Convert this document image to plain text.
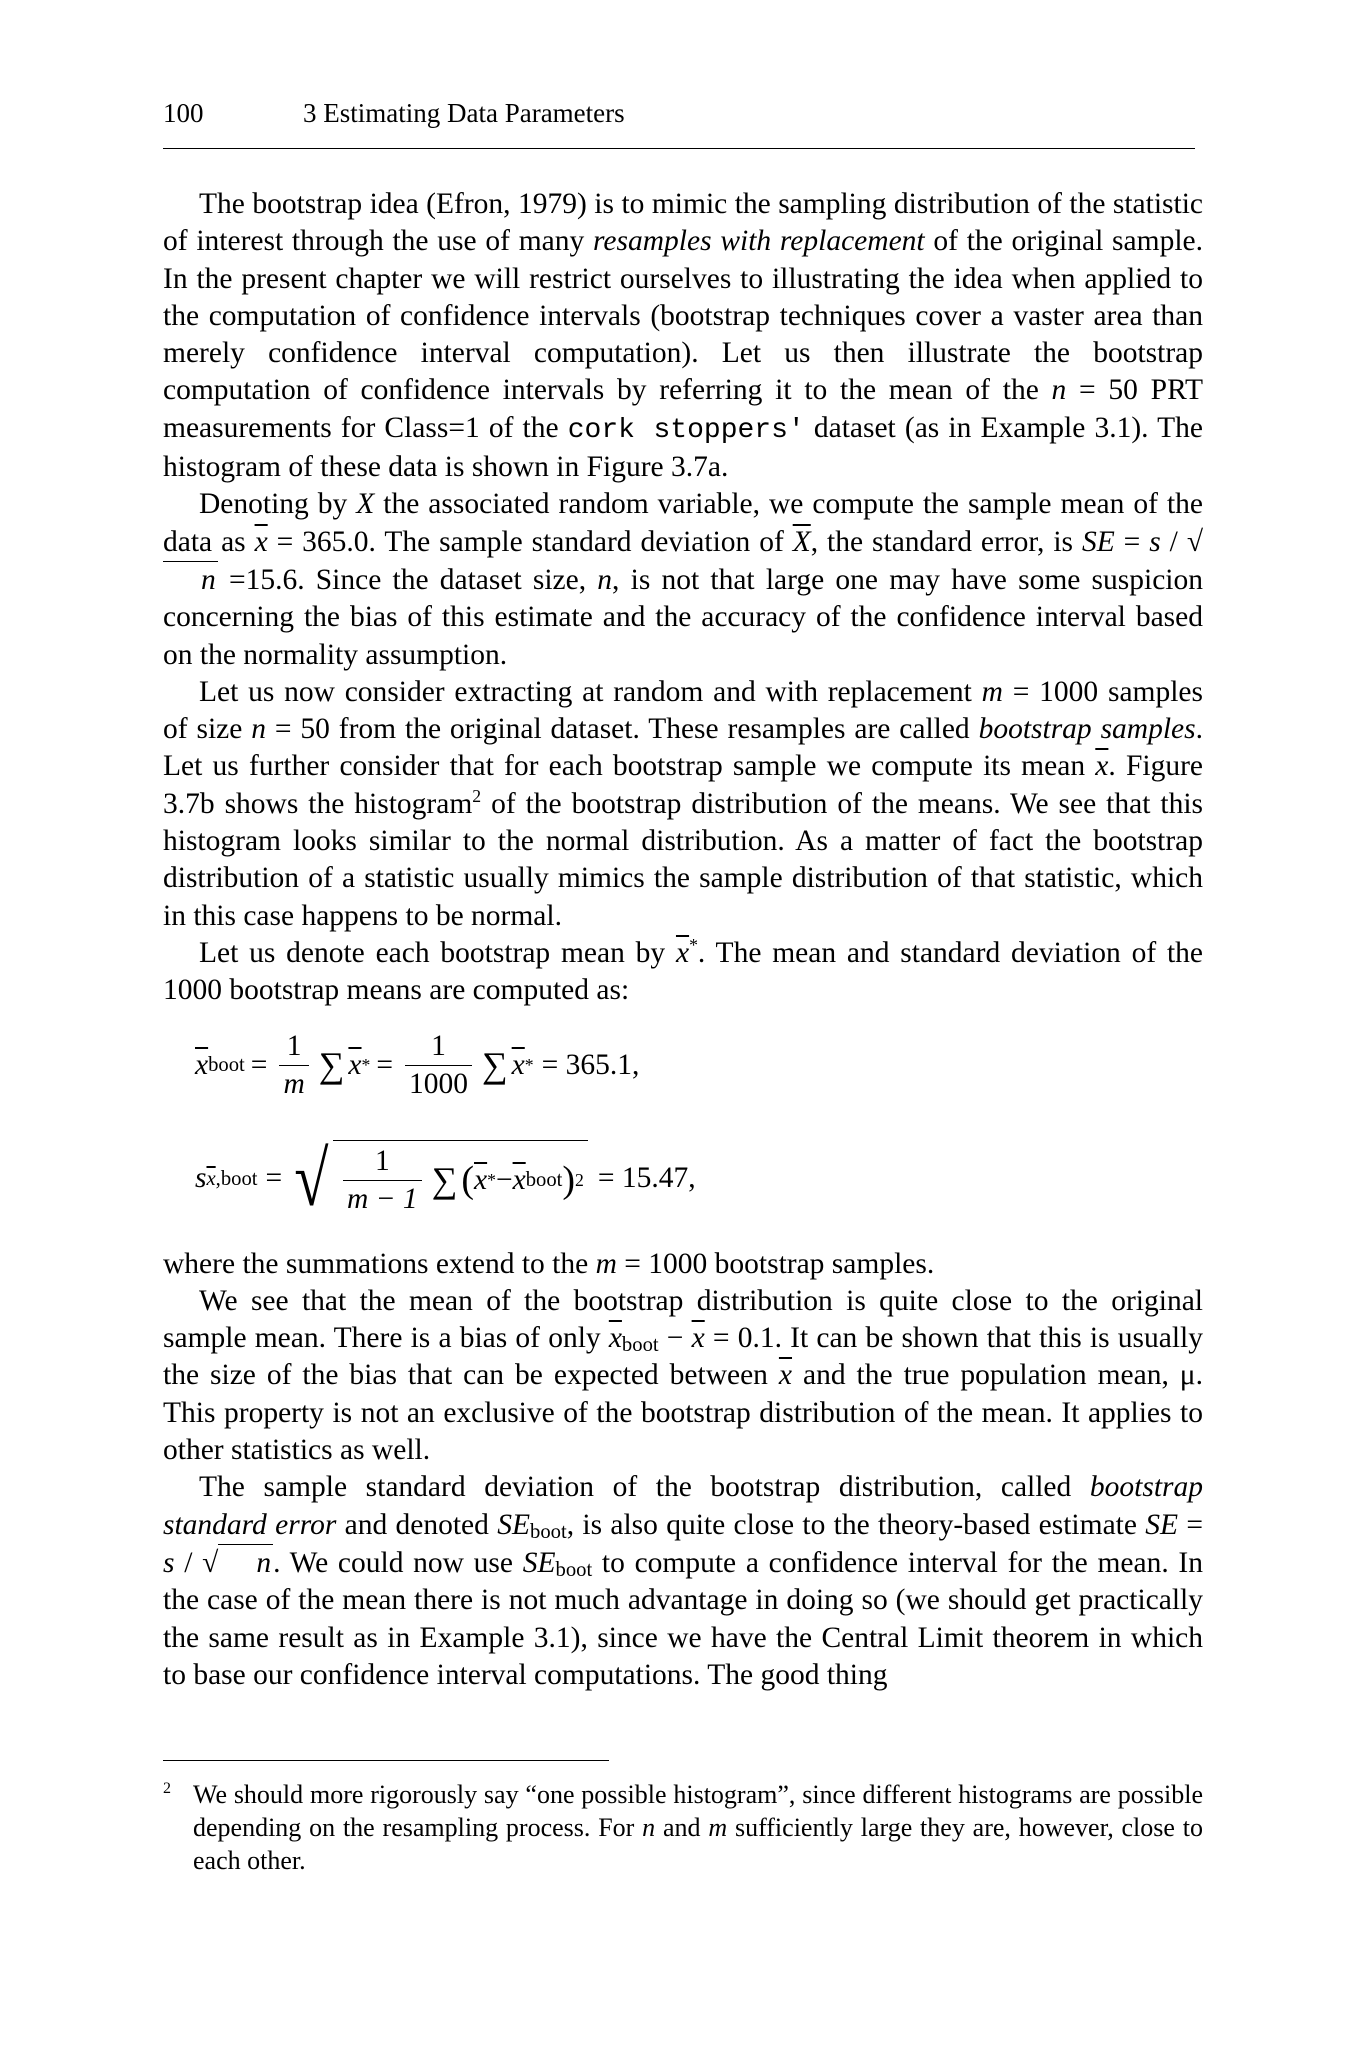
100	3 Estimating Data Parameters

The bootstrap idea (Efron, 1979) is to mimic the sampling distribution of the statistic of interest through the use of many resamples with replacement of the original sample. In the present chapter we will restrict ourselves to illustrating the idea when applied to the computation of confidence intervals (bootstrap techniques cover a vaster area than merely confidence interval computation). Let us then illustrate the bootstrap computation of confidence intervals by referring it to the mean of the n = 50 PRT measurements for Class=1 of the cork stoppers' dataset (as in Example 3.1). The histogram of these data is shown in Figure 3.7a.

Denoting by X the associated random variable, we compute the sample mean of the data as $\overline{x} = 365.0$. The sample standard deviation of $\overline{X}$, the standard error, is SE = s / √n =15.6. Since the dataset size, n, is not that large one may have some suspicion concerning the bias of this estimate and the accuracy of the confidence interval based on the normality assumption.

Let us now consider extracting at random and with replacement m = 1000 samples of size n = 50 from the original dataset. These resamples are called bootstrap samples. Let us further consider that for each bootstrap sample we compute its mean $\overline{x}$. Figure 3.7b shows the histogram$^2$ of the bootstrap distribution of the means. We see that this histogram looks similar to the normal distribution. As a matter of fact the bootstrap distribution of a statistic usually mimics the sample distribution of that statistic, which in this case happens to be normal.

Let us denote each bootstrap mean by $\overline{x}^*$. The mean and standard deviation of the 1000 bootstrap means are computed as:

$\overline{x}$ boot = $\frac{1}{m}$ ∑ $\overline{x}$ * = $\frac{1}{1000}$ ∑ $\overline{x}$ * = 365.1,
s $\overline{x},boot$ = √ $\frac{1}{m - 1}$ ∑ ( $\overline{x}$ * − $\overline{x}$ boot ) 2 = 15.47,

where the summations extend to the m = 1000 bootstrap samples.

We see that the mean of the bootstrap distribution is quite close to the original sample mean. There is a bias of only $\overline{x}_{boot} - \overline{x} = 0.1$. It can be shown that this is usually the size of the bias that can be expected between $\overline{x}$ and the true population mean, μ. This property is not an exclusive of the bootstrap distribution of the mean. It applies to other statistics as well.

The sample standard deviation of the bootstrap distribution, called bootstrap standard error and denoted $SE_{boot}$, is also quite close to the theory-based estimate SE = s / √ n. We could now use $SE_{boot}$ to compute a confidence interval for the mean. In the case of the mean there is not much advantage in doing so (we should get practically the same result as in Example 3.1), since we have the Central Limit theorem in which to base our confidence interval computations. The good thing

2 We should more rigorously say “one possible histogram”, since different histograms are possible depending on the resampling process. For n and m sufficiently large they are, however, close to each other.
